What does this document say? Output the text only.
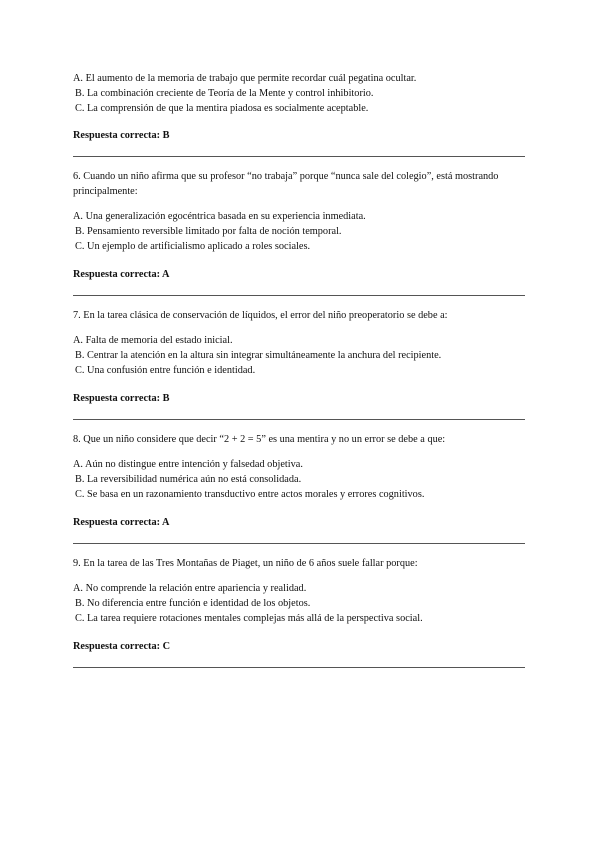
A. El aumento de la memoria de trabajo que permite recordar cuál pegatina ocultar.
B. La combinación creciente de Teoría de la Mente y control inhibitorio.
C. La comprensión de que la mentira piadosa es socialmente aceptable.
Respuesta correcta: B
6. Cuando un niño afirma que su profesor “no trabaja” porque “nunca sale del colegio”, está mostrando principalmente:
A. Una generalización egocéntrica basada en su experiencia inmediata.
B. Pensamiento reversible limitado por falta de noción temporal.
C. Un ejemplo de artificialismo aplicado a roles sociales.
Respuesta correcta: A
7. En la tarea clásica de conservación de líquidos, el error del niño preoperatorio se debe a:
A. Falta de memoria del estado inicial.
B. Centrar la atención en la altura sin integrar simultáneamente la anchura del recipiente.
C. Una confusión entre función e identidad.
Respuesta correcta: B
8. Que un niño considere que decir “2 + 2 = 5” es una mentira y no un error se debe a que:
A. Aún no distingue entre intención y falsedad objetiva.
B. La reversibilidad numérica aún no está consolidada.
C. Se basa en un razonamiento transductivo entre actos morales y errores cognitivos.
Respuesta correcta: A
9. En la tarea de las Tres Montañas de Piaget, un niño de 6 años suele fallar porque:
A. No comprende la relación entre apariencia y realidad.
B. No diferencia entre función e identidad de los objetos.
C. La tarea requiere rotaciones mentales complejas más allá de la perspectiva social.
Respuesta correcta: C
